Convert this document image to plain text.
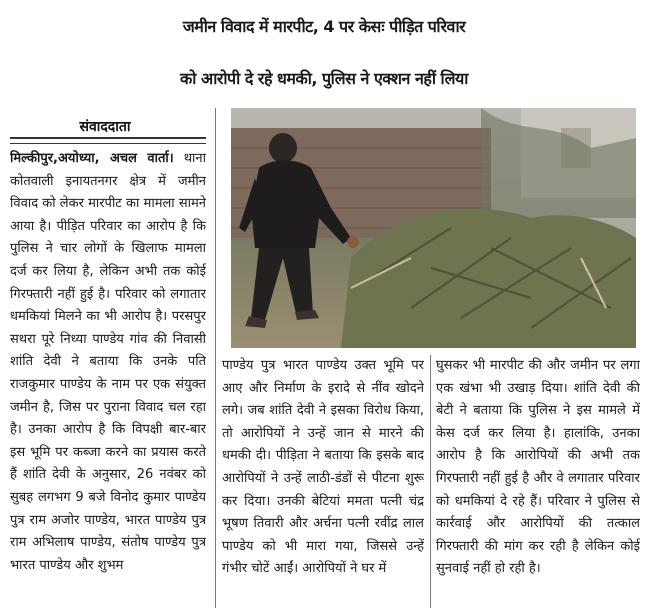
जमीन विवाद में मारपीट, 4 पर केसः पीड़ित परिवार
को आरोपी दे रहे धमकी, पुलिस ने एक्शन नहीं लिया
संवाददाता
मिल्कीपुर,अयोध्या, अचल वार्ता। थाना कोतवाली इनायतनगर क्षेत्र में जमीन विवाद को लेकर मारपीट का मामला सामने आया है। पीड़ित परिवार का आरोप है कि पुलिस ने चार लोगों के खिलाफ मामला दर्ज कर लिया है, लेकिन अभी तक कोई गिरफ्तारी नहीं हुई है। परिवार को लगातार धमकियां मिलने का भी आरोप है। परसपुर सथरा पूरे निध्या पाण्डेय गांव की निवासी शांति देवी ने बताया कि उनके पति राजकुमार पाण्डेय के नाम पर एक संयुक्त जमीन है, जिस पर पुराना विवाद चल रहा है। उनका आरोप है कि विपक्षी बार-बार इस भूमि पर कब्जा करने का प्रयास करते हैं शांति देवी के अनुसार, 26 नवंबर को सुबह लगभग 9 बजे विनोद कुमार पाण्डेय पुत्र राम अजोर पाण्डेय, भारत पाण्डेय पुत्र राम अभिलाष पाण्डेय, संतोष पाण्डेय पुत्र भारत पाण्डेय और शुभम
पाण्डेय पुत्र भारत पाण्डेय उक्त भूमि पर आए और निर्माण के इरादे से नींव खोदने लगे। जब शांति देवी ने इसका विरोध किया, तो आरोपियों ने उन्हें जान से मारने की धमकी दी। पीड़िता ने बताया कि इसके बाद आरोपियों ने उन्हें लाठी-डंडों से पीटना शुरू कर दिया। उनकी बेटियां ममता पत्नी चंद्र भूषण तिवारी और अर्चना पत्नी रवींद्र लाल पाण्डेय को भी मारा गया, जिससे उन्हें गंभीर चोटें आईं। आरोपियों ने घर में
घुसकर भी मारपीट की और जमीन पर लगा एक खंभा भी उखाड़ दिया। शांति देवी की बेटी ने बताया कि पुलिस ने इस मामले में केस दर्ज कर लिया है। हालांकि, उनका आरोप है कि आरोपियों की अभी तक गिरफ्तारी नहीं हुई है और वे लगातार परिवार को धमकियां दे रहे हैं। परिवार ने पुलिस से कार्रवाई और आरोपियों की तत्काल गिरफ्तारी की मांग कर रही है लेकिन कोई सुनवाई नहीं हो रही है।
